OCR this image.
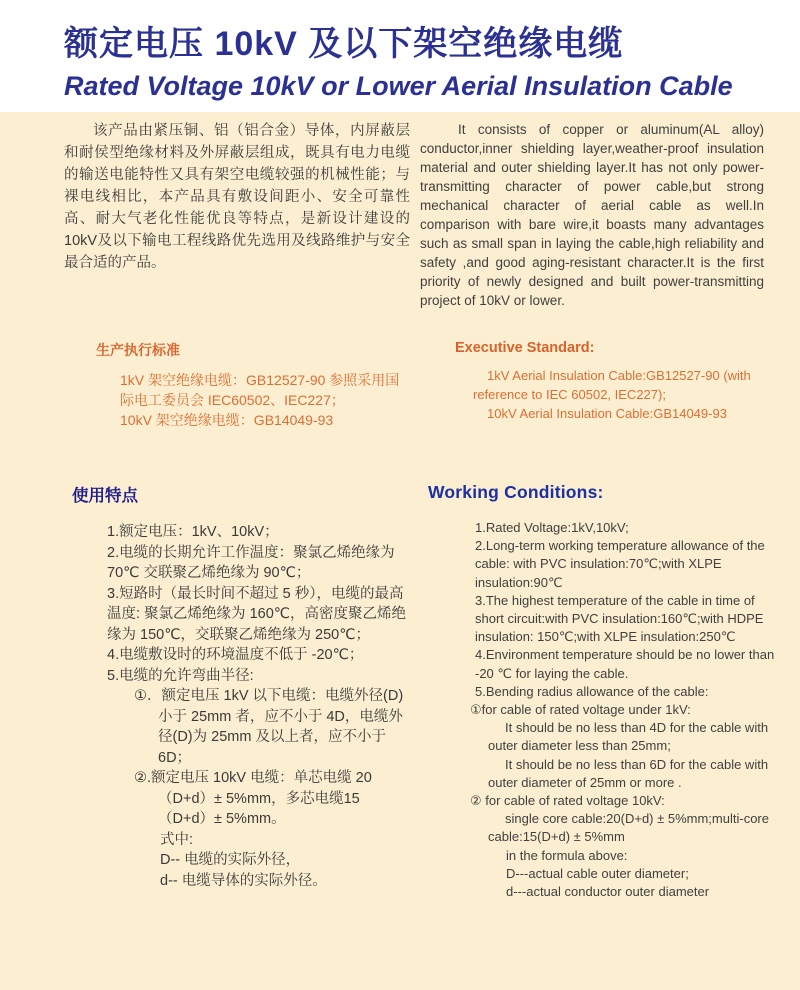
额定电压 10kV 及以下架空绝缘电缆
Rated Voltage 10kV or Lower Aerial Insulation Cable

该产品由紧压铜、铝（铝合金）导体，内屏蔽层和耐侯型绝缘材料及外屏蔽层组成，既具有电力电缆的输送电能特性又具有架空电缆较强的机械性能；与裸电线相比，本产品具有敷设间距小、安全可靠性高、耐大气老化性能优良等特点，是新设计建设的10kV及以下输电工程线路优先选用及线路维护与安全最合适的产品。

It consists of copper or aluminum(AL alloy) conductor,inner shielding layer,weather-proof insulation material and outer shielding layer.It has not only power-transmitting character of power cable,but strong mechanical character of aerial cable as well.In comparison with bare wire,it boasts many advantages such as small span in laying the cable,high reliability and safety ,and good aging-resistant character.It is the first priority of newly designed and built power-transmitting project of 10kV or lower.

生产执行标准

1kV 架空绝缘电缆：GB12527-90 参照采用国际电工委员会 IEC60502、IEC227；

10kV 架空绝缘电缆：GB14049-93

Executive Standard:

1kV Aerial Insulation Cable:GB12527-90 (with reference to IEC 60502, IEC227);

10kV Aerial Insulation Cable:GB14049-93

使用特点

1.额定电压：1kV、10kV；

2.电缆的长期允许工作温度：聚氯乙烯绝缘为 70℃ 交联聚乙烯绝缘为 90℃；

3.短路时（最长时间不超过 5 秒），电缆的最高温度: 聚氯乙烯绝缘为 160℃，高密度聚乙烯绝缘为 150℃，交联聚乙烯绝缘为 250℃；

4.电缆敷设时的环境温度不低于 -20℃；

5.电缆的允许弯曲半径:

①．额定电压 1kV 以下电缆：电缆外径(D)小于 25mm 者，应不小于 4D，电缆外径(D)为 25mm 及以上者，应不小于 6D；

②.额定电压 10kV 电缆：单芯电缆 20（D+d）± 5%mm，多芯电缆15（D+d）± 5%mm。

式中:

D-- 电缆的实际外径，

d-- 电缆导体的实际外径。

Working Conditions:

1.Rated Voltage:1kV,10kV;

2.Long-term working temperature allowance of the cable: with PVC insulation:70℃;with XLPE insulation:90℃

3.The highest temperature of the cable in time of short circuit:with PVC insulation:160℃;with HDPE insulation: 150℃;with XLPE insulation:250℃

4.Environment temperature should be no lower than -20 ℃ for laying the cable.

5.Bending radius allowance of the cable:

①for cable of rated voltage under 1kV:

It should be no less than 4D for the cable with outer diameter less than 25mm;

It should be no less than 6D for the cable with outer diameter of 25mm or more .

② for cable of rated voltage 10kV:

single core cable:20(D+d) ± 5%mm;multi-core cable:15(D+d) ± 5%mm

in the formula above:

D---actual cable outer diameter;

d---actual conductor outer diameter
